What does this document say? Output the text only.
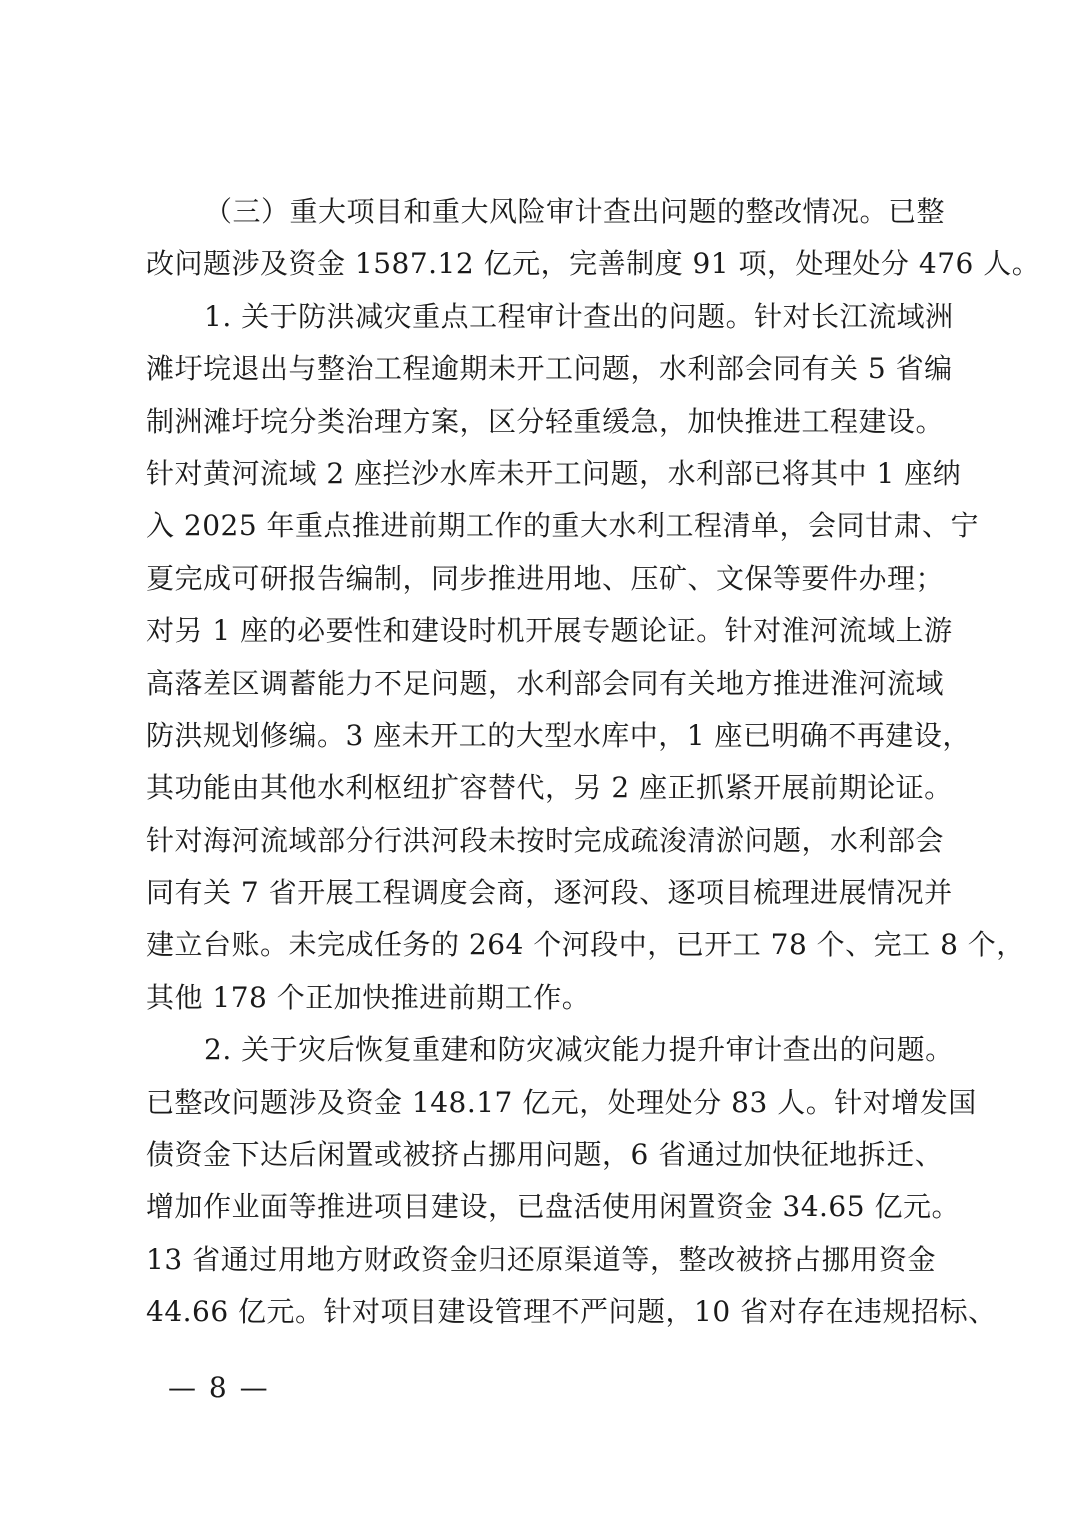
（三）重大项目和重大风险审计查出问题的整改情况。已整
改问题涉及资金 1587.12 亿元，完善制度 91 项，处理处分 476 人。
1. 关于防洪减灾重点工程审计查出的问题。针对长江流域洲
滩圩垸退出与整治工程逾期未开工问题，水利部会同有关 5 省编
制洲滩圩垸分类治理方案，区分轻重缓急，加快推进工程建设。
针对黄河流域 2 座拦沙水库未开工问题，水利部已将其中 1 座纳
入 2025 年重点推进前期工作的重大水利工程清单，会同甘肃、宁
夏完成可研报告编制，同步推进用地、压矿、文保等要件办理；
对另 1 座的必要性和建设时机开展专题论证。针对淮河流域上游
高落差区调蓄能力不足问题，水利部会同有关地方推进淮河流域
防洪规划修编。3 座未开工的大型水库中，1 座已明确不再建设，
其功能由其他水利枢纽扩容替代，另 2 座正抓紧开展前期论证。
针对海河流域部分行洪河段未按时完成疏浚清淤问题，水利部会
同有关 7 省开展工程调度会商，逐河段、逐项目梳理进展情况并
建立台账。未完成任务的 264 个河段中，已开工 78 个、完工 8 个，
其他 178 个正加快推进前期工作。
2. 关于灾后恢复重建和防灾减灾能力提升审计查出的问题。
已整改问题涉及资金 148.17 亿元，处理处分 83 人。针对增发国
债资金下达后闲置或被挤占挪用问题，6 省通过加快征地拆迁、
增加作业面等推进项目建设，已盘活使用闲置资金 34.65 亿元。
13 省通过用地方财政资金归还原渠道等，整改被挤占挪用资金
44.66 亿元。针对项目建设管理不严问题，10 省对存在违规招标、
— 8 —
